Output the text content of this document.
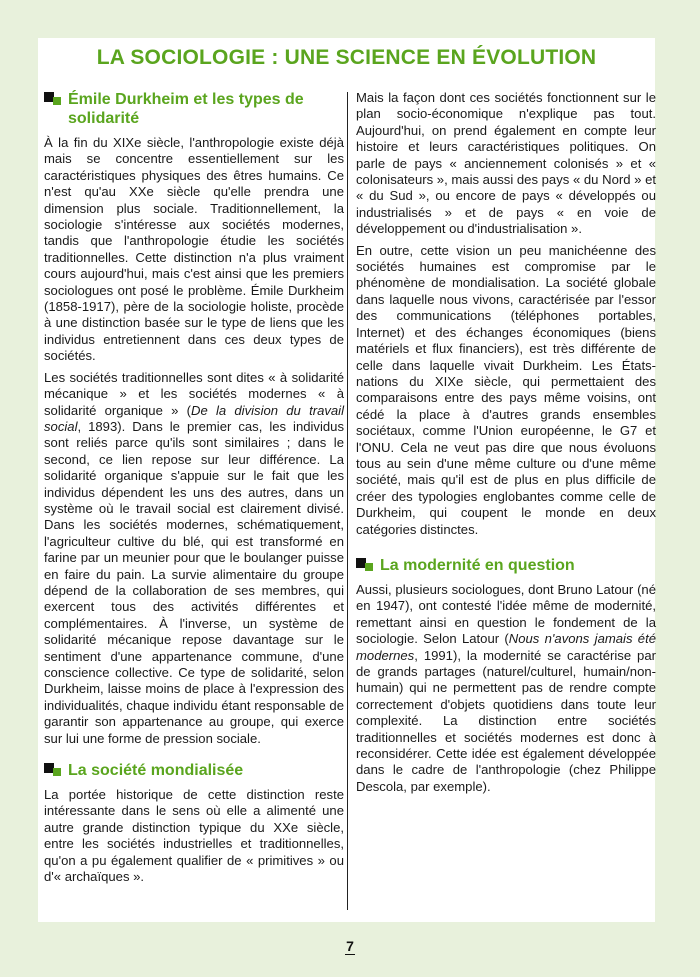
LA SOCIOLOGIE : UNE SCIENCE EN ÉVOLUTION
Émile Durkheim et les types de solidarité

À la fin du XIXe siècle, l'anthropologie existe déjà mais se concentre essentiellement sur les caractéristiques physiques des êtres humains. Ce n'est qu'au XXe siècle qu'elle prendra une dimension plus sociale. Traditionnellement, la sociologie s'intéresse aux sociétés modernes, tandis que l'anthropologie étudie les sociétés traditionnelles. Cette distinction n'a plus vraiment cours aujourd'hui, mais c'est ainsi que les premiers sociologues ont posé le problème. Émile Durkheim (1858-1917), père de la sociologie holiste, procède à une distinction basée sur le type de liens que les individus entretiennent dans ces deux types de sociétés.

Les sociétés traditionnelles sont dites « à solidarité mécanique » et les sociétés modernes « à solidarité organique » (De la division du travail social, 1893). Dans le premier cas, les individus sont reliés parce qu'ils sont similaires ; dans le second, ce lien repose sur leur différence. La solidarité organique s'appuie sur le fait que les individus dépendent les uns des autres, dans un système où le travail social est clairement divisé. Dans les sociétés modernes, schématiquement, l'agriculteur cultive du blé, qui est transformé en farine par un meunier pour que le boulanger puisse en faire du pain. La survie alimentaire du groupe dépend de la collaboration de ses membres, qui exercent tous des activités différentes et complémentaires. À l'inverse, un système de solidarité mécanique repose davantage sur le sentiment d'une appartenance commune, d'une conscience collective. Ce type de solidarité, selon Durkheim, laisse moins de place à l'expression des individualités, chaque individu étant responsable de garantir son appartenance au groupe, qui exerce sur lui une forme de pression sociale.

La société mondialisée

La portée historique de cette distinction reste intéressante dans le sens où elle a alimenté une autre grande distinction typique du XXe siècle, entre les sociétés industrielles et traditionnelles, qu'on a pu également qualifier de « primitives » ou d'« archaïques ».

Mais la façon dont ces sociétés fonctionnent sur le plan socio-économique n'explique pas tout. Aujourd'hui, on prend également en compte leur histoire et leurs caractéristiques politiques. On parle de pays « anciennement colonisés » et « colonisateurs », mais aussi des pays « du Nord » et « du Sud », ou encore de pays « développés ou industrialisés » et de pays « en voie de développement ou d'industrialisation ».

En outre, cette vision un peu manichéenne des sociétés humaines est compromise par le phénomène de mondialisation. La société globale dans laquelle nous vivons, caractérisée par l'essor des communications (téléphones portables, Internet) et des échanges économiques (biens matériels et flux financiers), est très différente de celle dans laquelle vivait Durkheim. Les États-nations du XIXe siècle, qui permettaient des comparaisons entre des pays même voisins, ont cédé la place à d'autres grands ensembles sociétaux, comme l'Union européenne, le G7 et l'ONU. Cela ne veut pas dire que nous évoluons tous au sein d'une même culture ou d'une même société, mais qu'il est de plus en plus difficile de créer des typologies englobantes comme celle de Durkheim, qui coupent le monde en deux catégories distinctes.

La modernité en question

Aussi, plusieurs sociologues, dont Bruno Latour (né en 1947), ont contesté l'idée même de modernité, remettant ainsi en question le fondement de la sociologie. Selon Latour (Nous n'avons jamais été modernes, 1991), la modernité se caractérise par de grands partages (naturel/culturel, humain/non-humain) qui ne permettent pas de rendre compte correctement d'objets quotidiens dans toute leur complexité. La distinction entre sociétés traditionnelles et sociétés modernes est donc à reconsidérer. Cette idée est également développée dans le cadre de l'anthropologie (chez Philippe Descola, par exemple).

7
